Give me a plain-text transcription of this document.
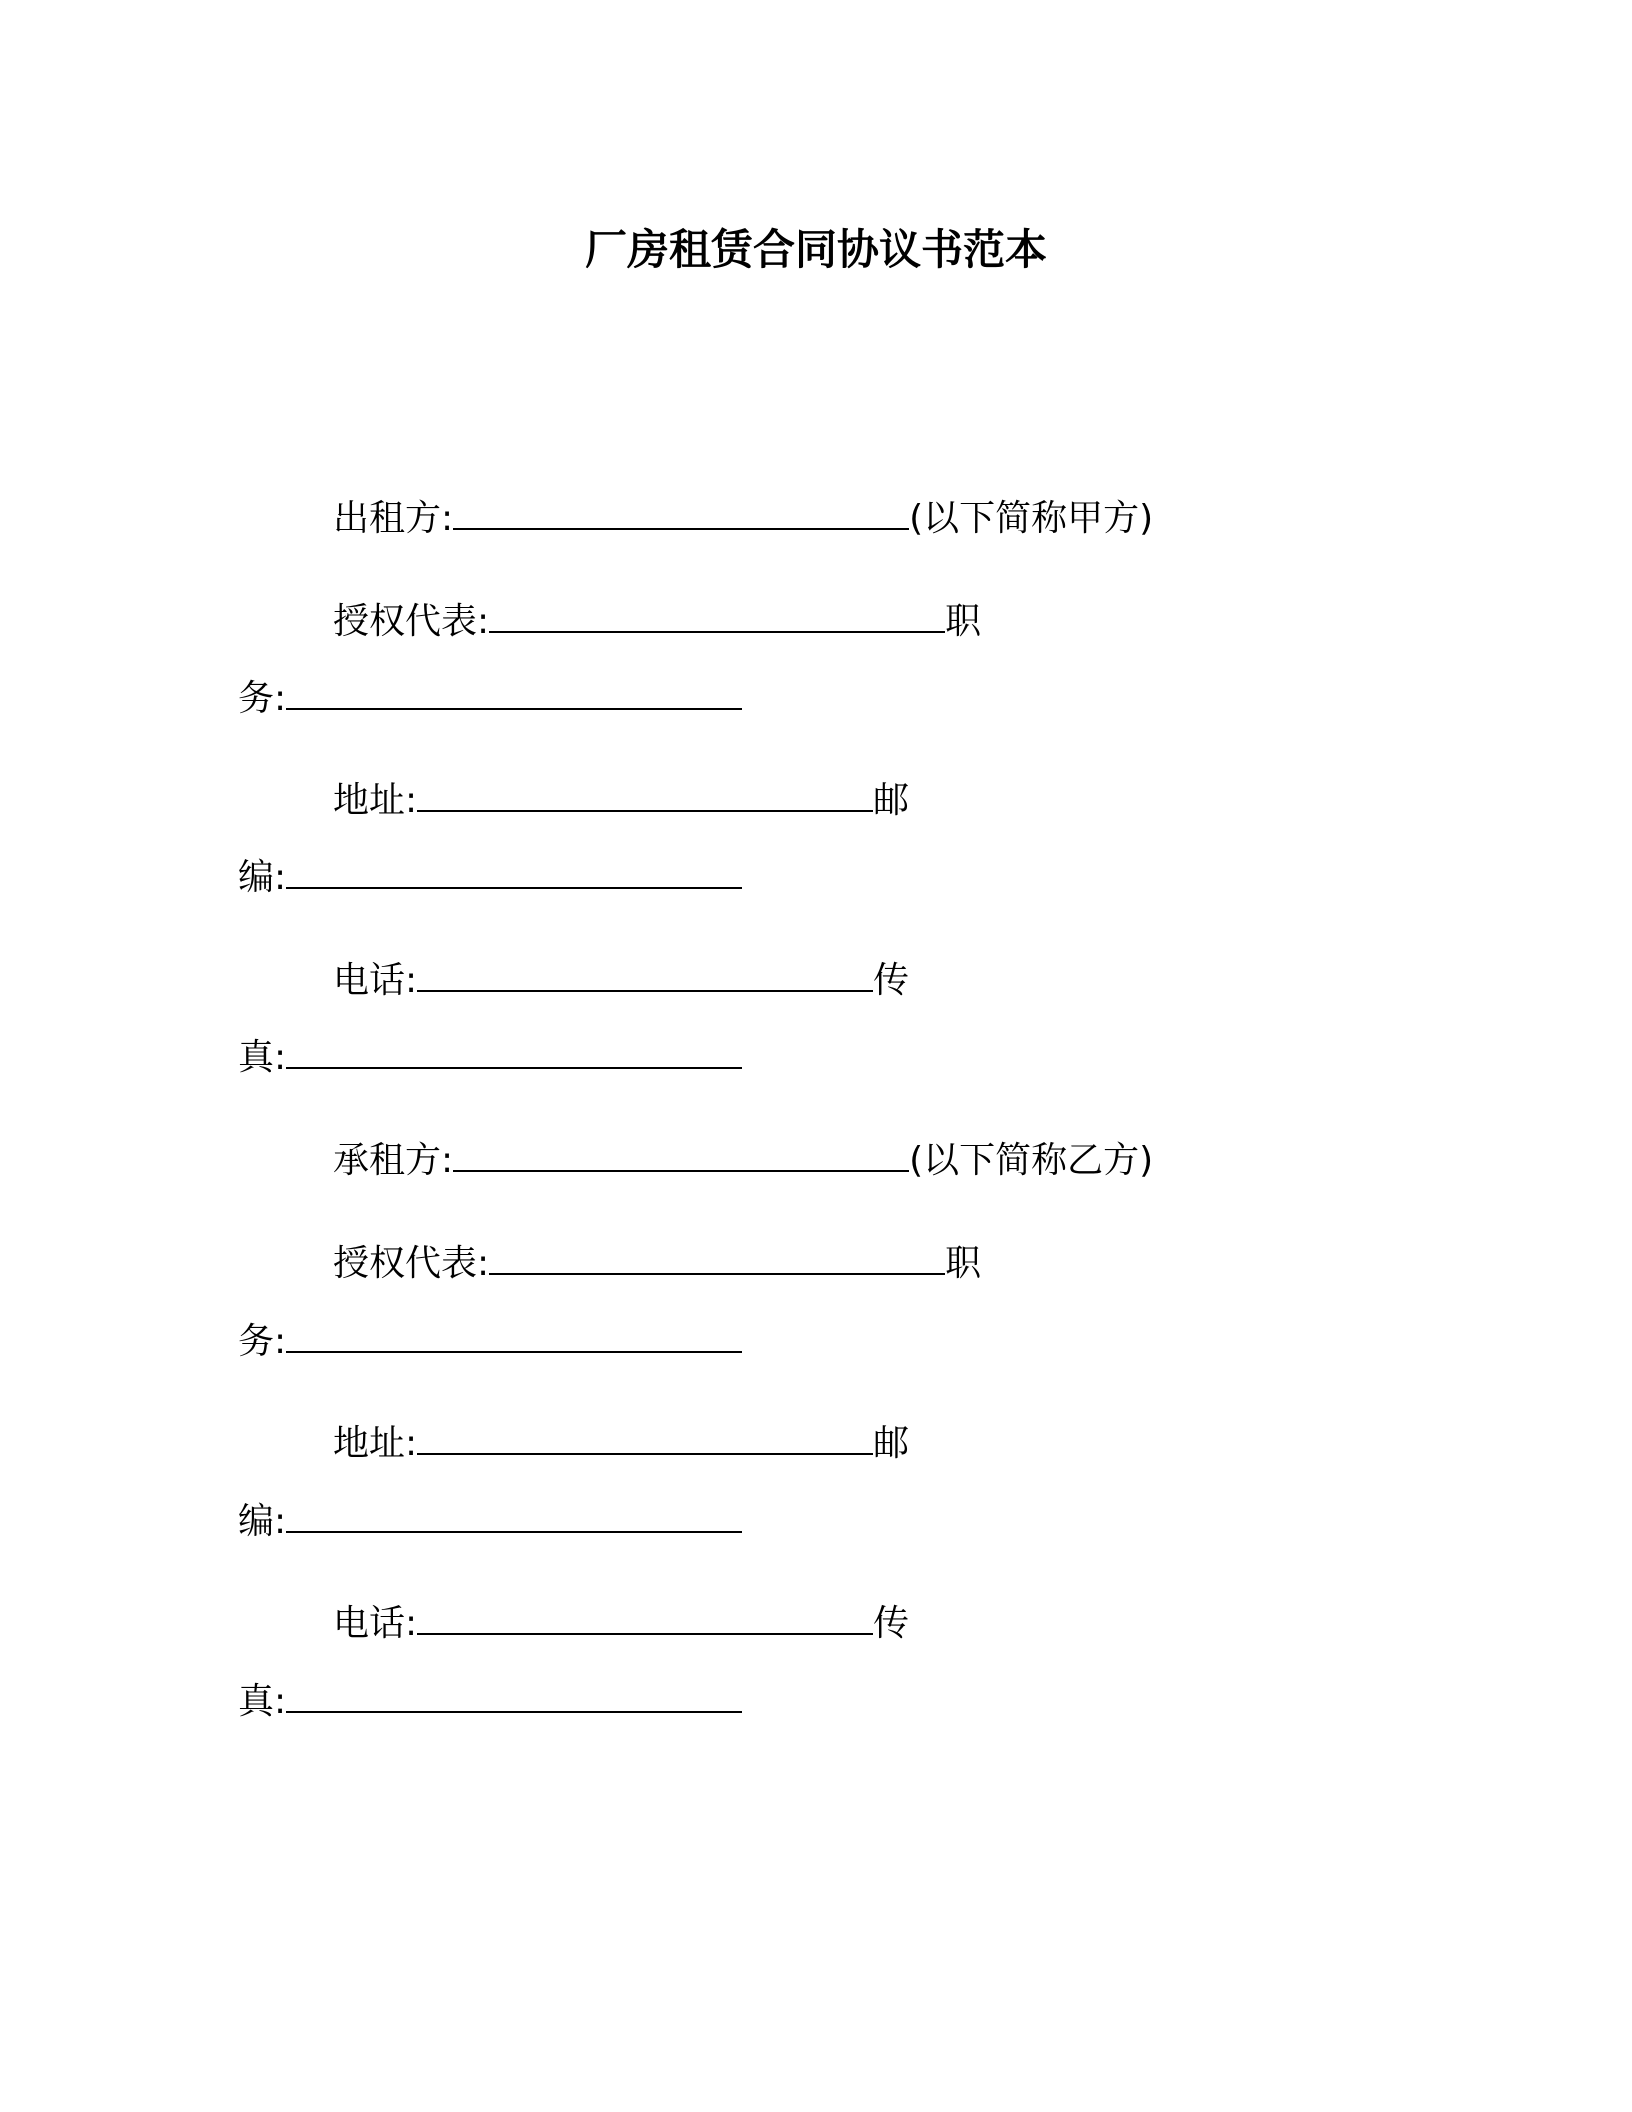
厂房租赁合同协议书范本
出租方:	(以下简称甲方)
授权代表:	职
务:
地址:	邮
编:
电话:	传
真:
承租方:	(以下简称乙方)
授权代表:	职
务:
地址:	邮
编:
电话:	传
真:
